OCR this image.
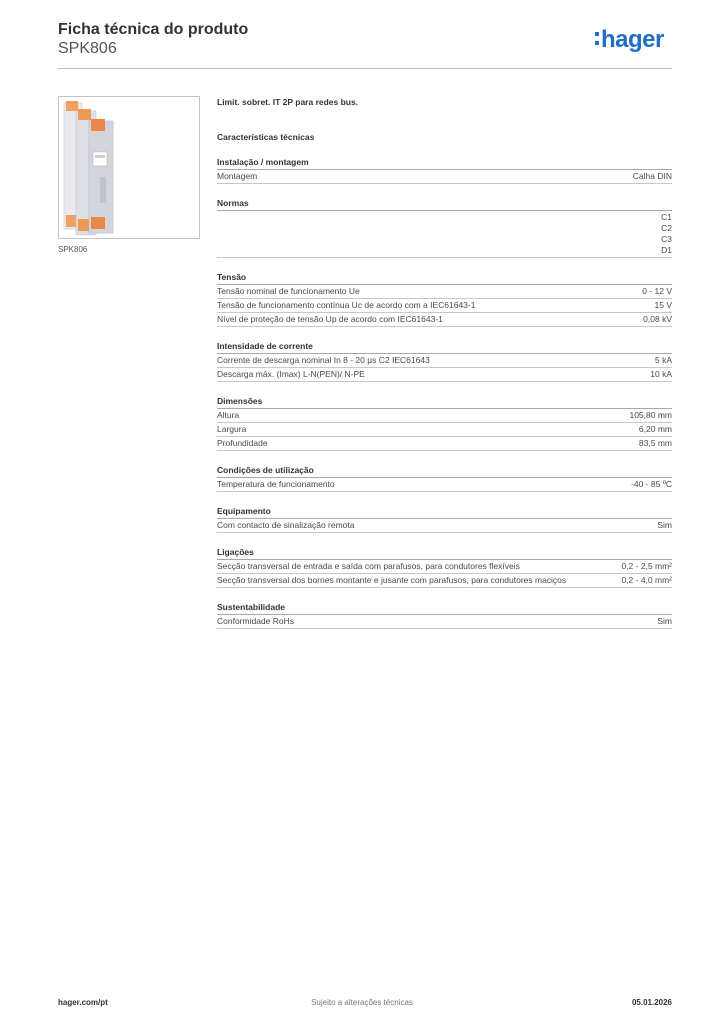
Ficha técnica do produto
SPK806	hager
SPK806
Limit. sobret. IT 2P para redes bus.
Características técnicas
Instalação / montagem
Montagem	Calha DIN
Normas
C1
C2
C3
D1
Tensão
Tensão nominal de funcionamento Ue	0 - 12 V
Tensão de funcionamento contínua Uc de acordo com a IEC61643-1	15 V
Nível de proteção de tensão Up de acordo com IEC61643-1	0,08 kV
Intensidade de corrente
Corrente de descarga nominal In 8 - 20 µs C2 IEC61643	5 kA
Descarga máx. (Imax) L-N(PEN)/ N-PE	10 kA
Dimensões
Altura	105,80 mm
Largura	6,20 mm
Profundidade	83,5 mm
Condições de utilização
Temperatura de funcionamento	-40 - 85 ºC
Equipamento
Com contacto de sinalização remota	Sim
Ligações
Secção transversal de entrada e saída com parafusos, para condutores flexíveis	0,2 - 2,5 mm²
Secção transversal dos bornes montante e jusante com parafusos, para condutores maciços	0,2 - 4,0 mm²
Sustentabilidade
Conformidade RoHs	Sim
hager.com/pt	Sujeito a alterações técnicas	05.01.2026
